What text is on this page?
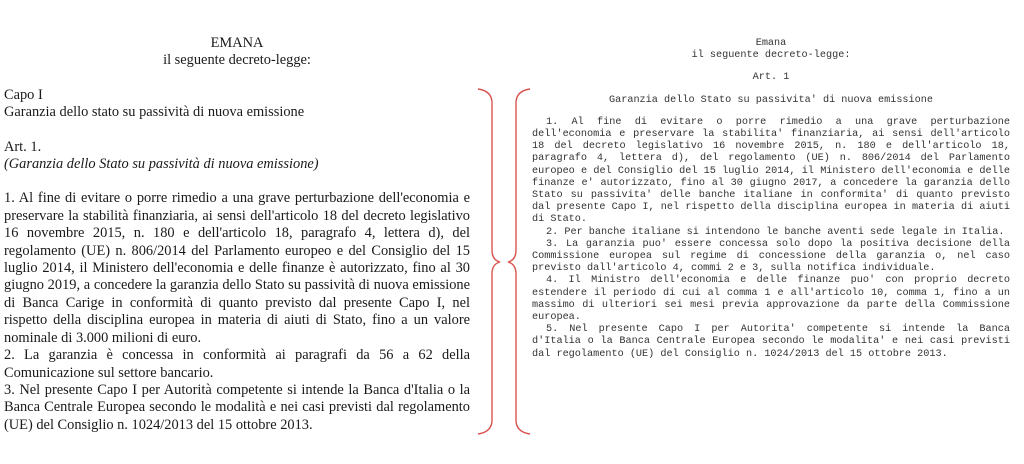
EMANA

il seguente decreto-legge:

Capo I

Garanzia dello stato su passività di nuova emissione

Art. 1.

(Garanzia dello Stato su passività di nuova emissione)

1. Al fine di evitare o porre rimedio a una grave perturbazione dell'economia e preservare la stabilità finanziaria, ai sensi dell'articolo 18 del decreto legislativo 16 novembre 2015, n. 180 e dell'articolo 18, paragrafo 4, lettera d), del regolamento (UE) n. 806/2014 del Parlamento europeo e del Consiglio del 15 luglio 2014, il Ministero dell'economia e delle finanze è autorizzato, fino al 30 giugno 2019, a concedere la garanzia dello Stato su passività di nuova emissione di Banca Carige in conformità di quanto previsto dal presente Capo I, nel rispetto della disciplina europea in materia di aiuti di Stato, fino a un valore nominale di 3.000 milioni di euro.

2. La garanzia è concessa in conformità ai paragrafi da 56 a 62 della Comunicazione sul settore bancario.

3. Nel presente Capo I per Autorità competente si intende la Banca d'Italia o la Banca Centrale Europea secondo le modalità e nei casi previsti dal regolamento (UE) del Consiglio n. 1024/2013 del 15 ottobre 2013.

Emana

il seguente decreto-legge:

Art. 1

Garanzia dello Stato su passivita' di nuova emissione

1. Al fine di evitare o porre rimedio a una grave perturbazione dell'economia e preservare la stabilita' finanziaria, ai sensi dell'articolo 18 del decreto legislativo 16 novembre 2015, n. 180 e dell'articolo 18, paragrafo 4, lettera d), del regolamento (UE) n. 806/2014 del Parlamento europeo e del Consiglio del 15 luglio 2014, il Ministero dell'economia e delle finanze e' autorizzato, fino al 30 giugno 2017, a concedere la garanzia dello Stato su passivita' delle banche italiane in conformita' di quanto previsto dal presente Capo I, nel rispetto della disciplina europea in materia di aiuti di Stato.

2. Per banche italiane si intendono le banche aventi sede legale in Italia.

3. La garanzia puo' essere concessa solo dopo la positiva decisione della Commissione europea sul regime di concessione della garanzia o, nel caso previsto dall'articolo 4, commi 2 e 3, sulla notifica individuale.

4. Il Ministro dell'economia e delle finanze puo' con proprio decreto estendere il periodo di cui al comma 1 e all'articolo 10, comma 1, fino a un massimo di ulteriori sei mesi previa approvazione da parte della Commissione europea.

5. Nel presente Capo I per Autorita' competente si intende la Banca d'Italia o la Banca Centrale Europea secondo le modalita' e nei casi previsti dal regolamento (UE) del Consiglio n. 1024/2013 del 15 ottobre 2013.
